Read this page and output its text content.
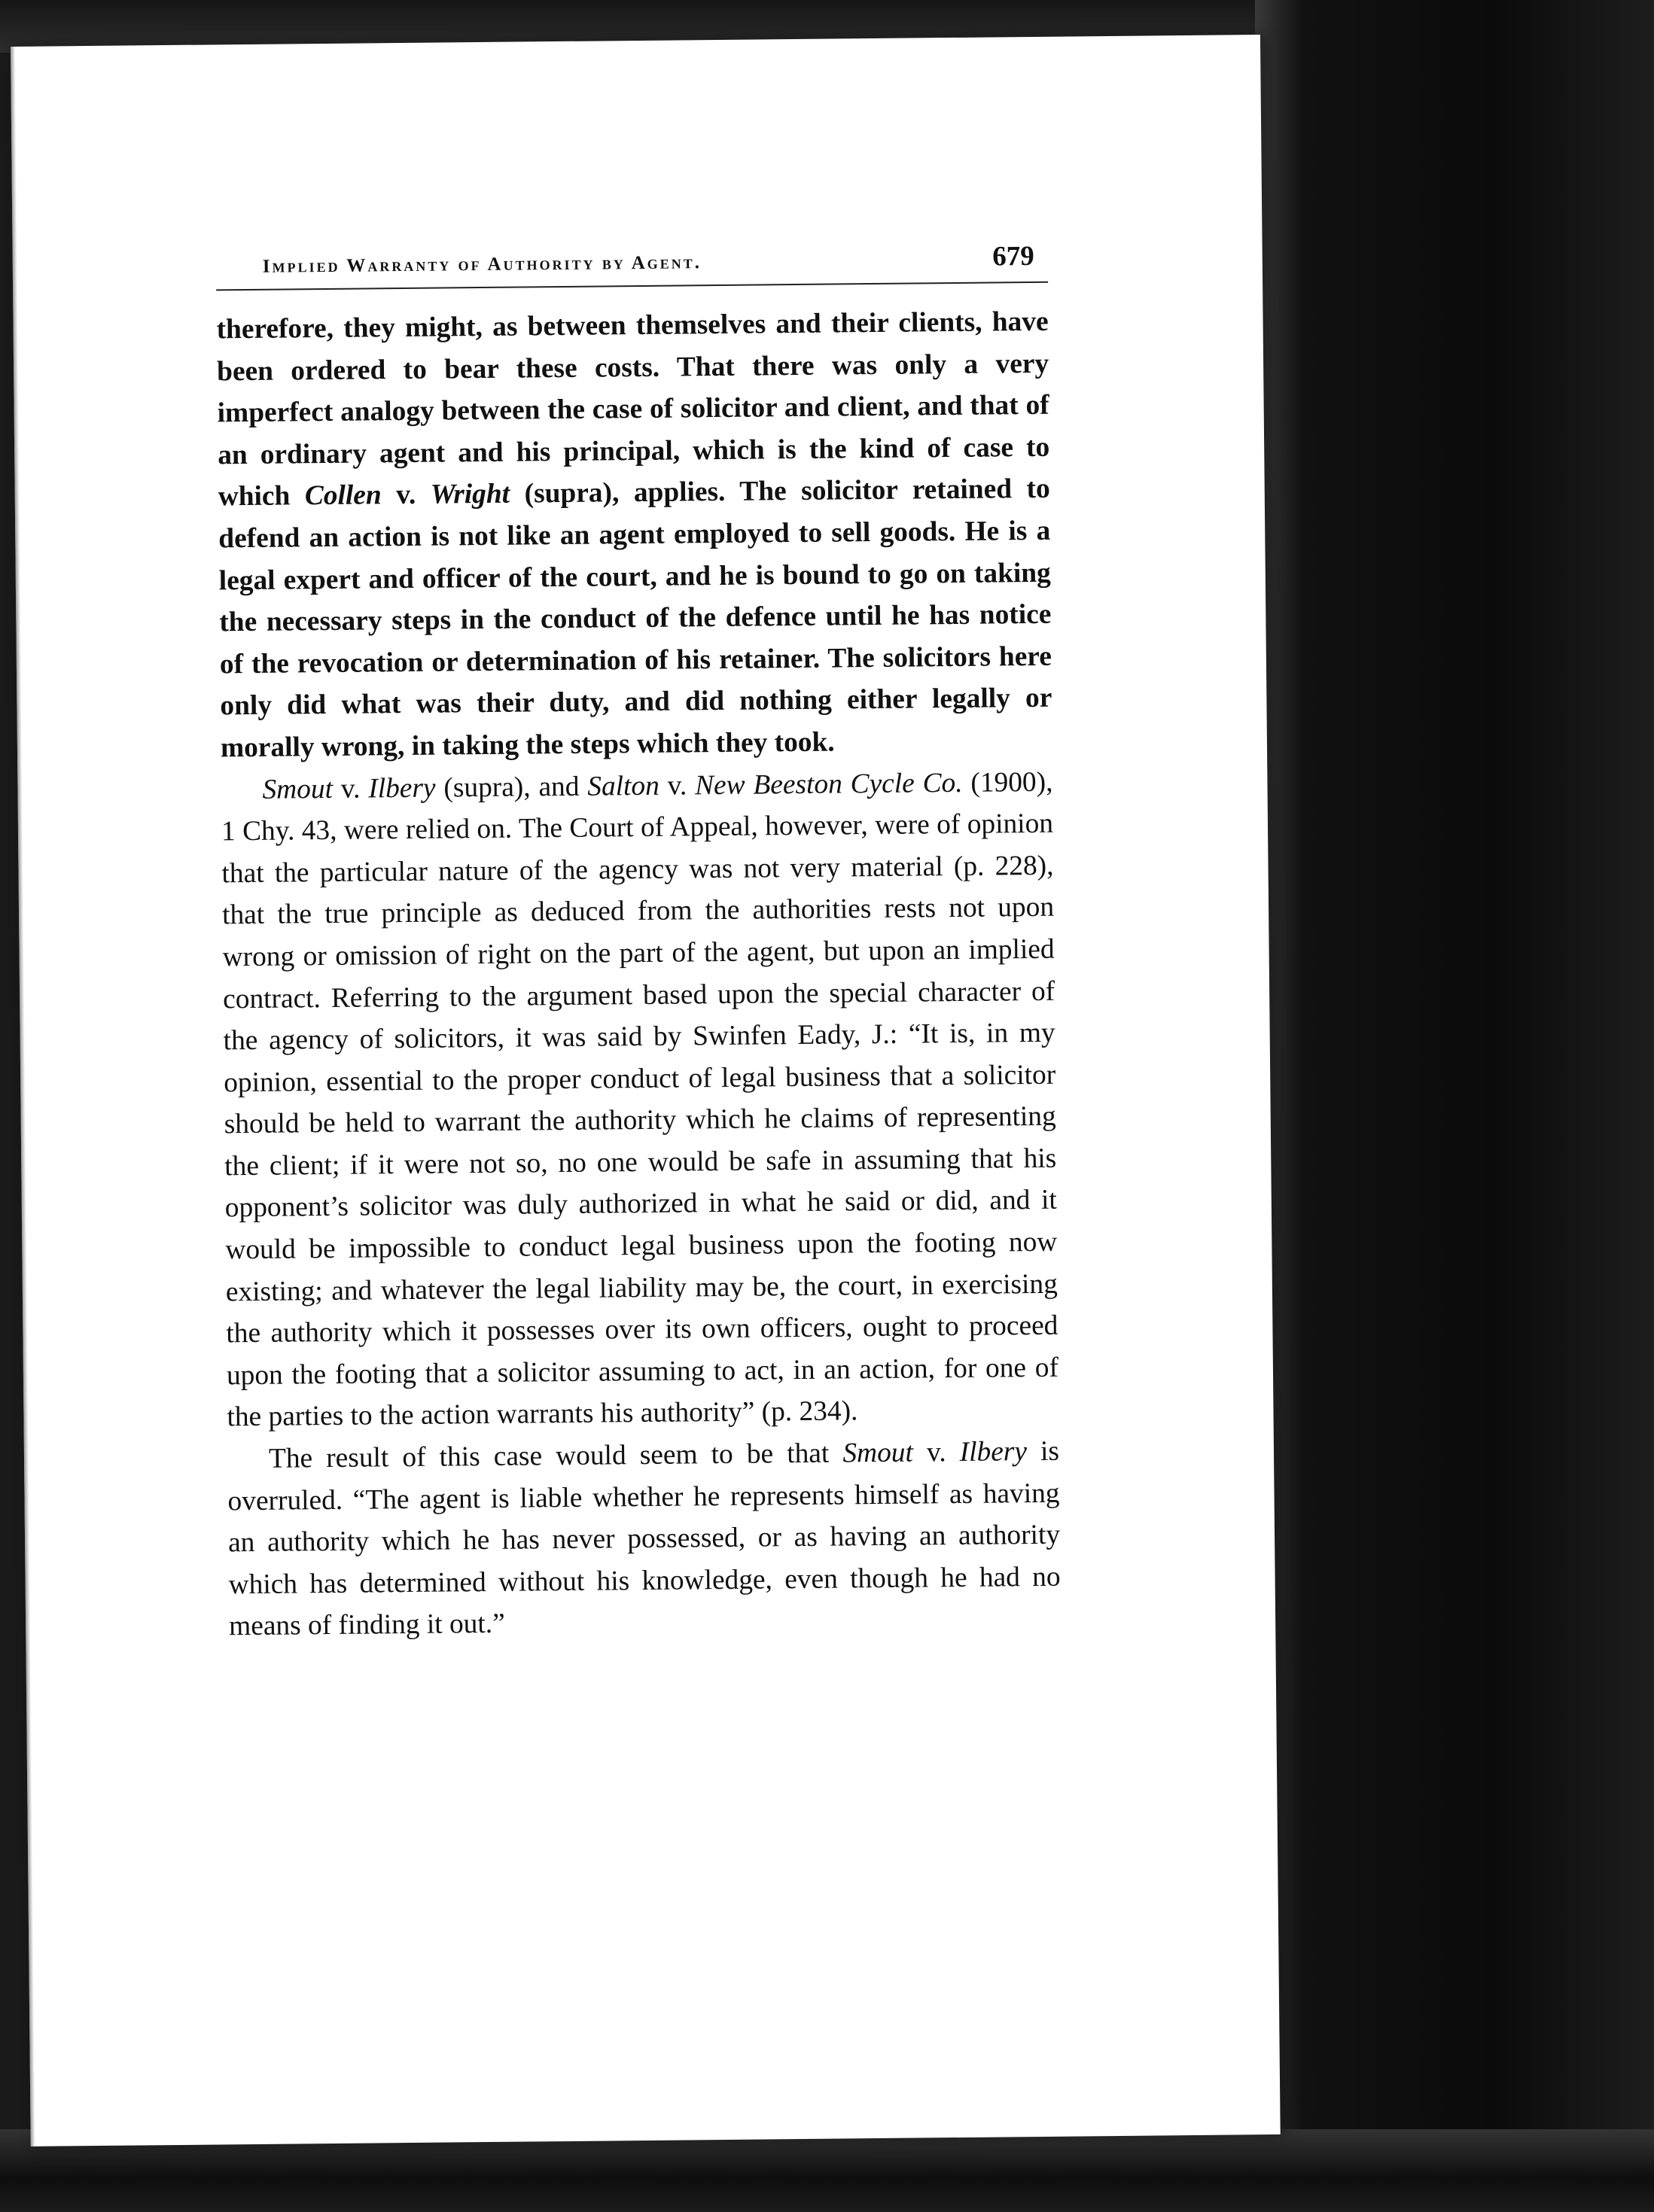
Implied Warranty of Authority by Agent.	679

therefore, they might, as between themselves and their clients, have been ordered to bear these costs. That there was only a very imperfect analogy between the case of solicitor and client, and that of an ordinary agent and his principal, which is the kind of case to which Collen v. Wright (supra), applies. The solicitor retained to defend an action is not like an agent employed to sell goods. He is a legal expert and officer of the court, and he is bound to go on taking the necessary steps in the conduct of the defence until he has notice of the revocation or determination of his retainer. The solicitors here only did what was their duty, and did nothing either legally or morally wrong, in taking the steps which they took.

Smout v. Ilbery (supra), and Salton v. New Beeston Cycle Co. (1900), 1 Chy. 43, were relied on. The Court of Appeal, however, were of opinion that the particular nature of the agency was not very material (p. 228), that the true principle as deduced from the authorities rests not upon wrong or omission of right on the part of the agent, but upon an implied contract. Referring to the argument based upon the special character of the agency of solicitors, it was said by Swinfen Eady, J.: “It is, in my opinion, essential to the proper conduct of legal business that a solicitor should be held to warrant the authority which he claims of representing the client; if it were not so, no one would be safe in assuming that his opponent’s solicitor was duly authorized in what he said or did, and it would be impossible to conduct legal business upon the footing now existing; and whatever the legal liability may be, the court, in exercising the authority which it possesses over its own officers, ought to proceed upon the footing that a solicitor assuming to act, in an action, for one of the parties to the action warrants his authority” (p. 234).

The result of this case would seem to be that Smout v. Ilbery is overruled. “The agent is liable whether he represents himself as having an authority which he has never possessed, or as having an authority which has determined without his knowledge, even though he had no means of finding it out.”
